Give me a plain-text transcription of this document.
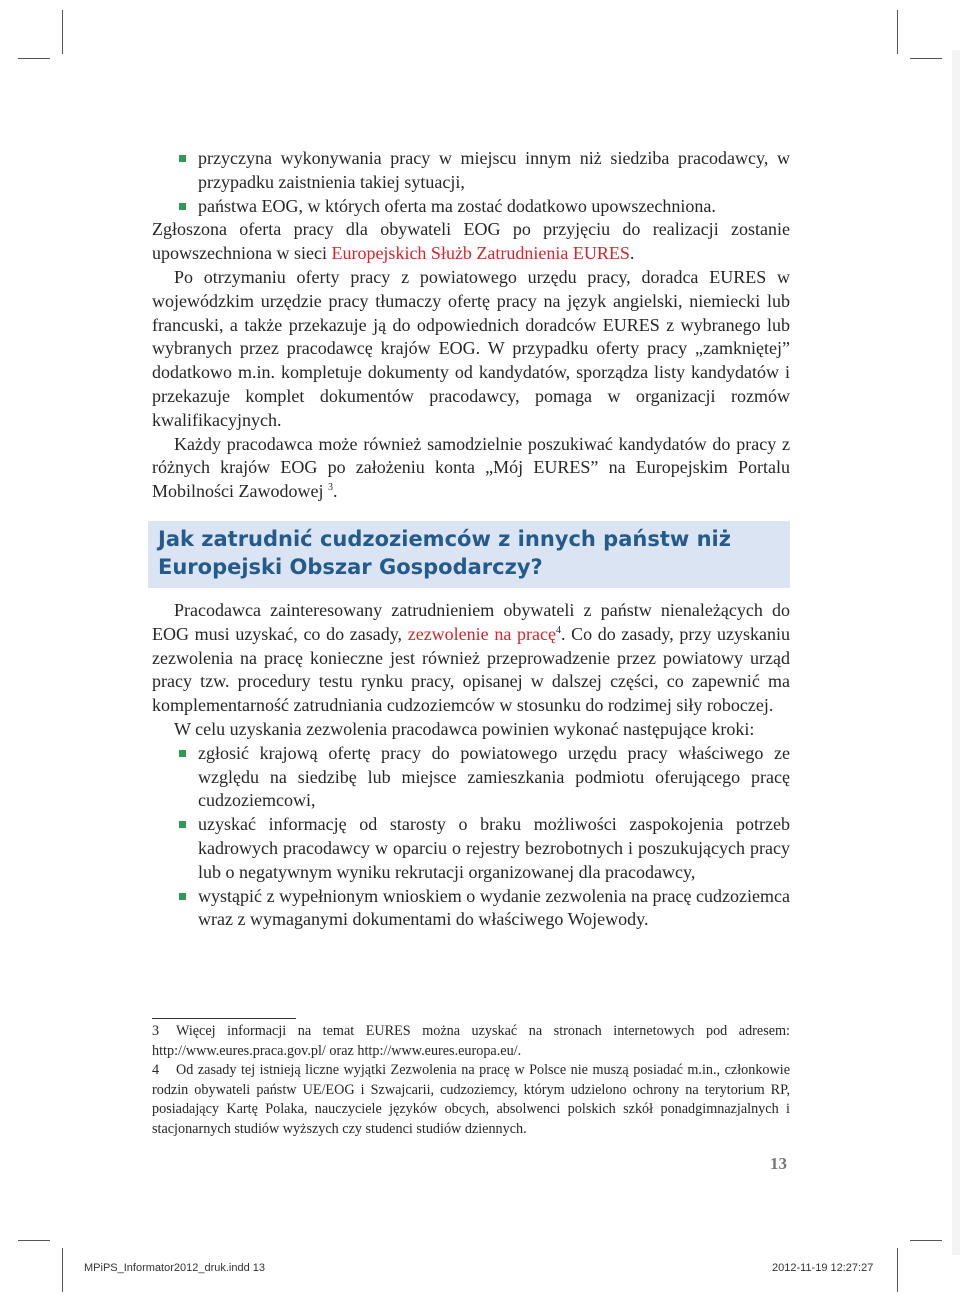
przyczyna wykonywania pracy w miejscu innym niż siedziba pracodawcy, w przypadku zaistnienia takiej sytuacji,
państwa EOG, w których oferta ma zostać dodatkowo upowszechniona.

Zgłoszona oferta pracy dla obywateli EOG po przyjęciu do realizacji zostanie upowszechniona w sieci Europejskich Służb Zatrudnienia EURES.

Po otrzymaniu oferty pracy z powiatowego urzędu pracy, doradca EURES w wojewódzkim urzędzie pracy tłumaczy ofertę pracy na język angielski, niemiecki lub francuski, a także przekazuje ją do odpowiednich doradców EURES z wybranego lub wybranych przez pracodawcę krajów EOG. W przypadku oferty pracy „zamkniętej” dodatkowo m.in. kompletuje dokumenty od kandydatów, sporządza listy kandydatów i przekazuje komplet dokumentów pracodawcy, pomaga w organizacji rozmów kwalifikacyjnych.

Każdy pracodawca może również samodzielnie poszukiwać kandydatów do pracy z różnych krajów EOG po założeniu konta „Mój EURES” na Europejskim Portalu Mobilności Zawodowej $^3$.

Jak zatrudnić cudzoziemców z innych państw niż Europejski Obszar Gospodarczy?

Pracodawca zainteresowany zatrudnieniem obywateli z państw nienależących do EOG musi uzyskać, co do zasady, zezwolenie na pracę$^4$. Co do zasady, przy uzyskaniu zezwolenia na pracę konieczne jest również przeprowadzenie przez powiatowy urząd pracy tzw. procedury testu rynku pracy, opisanej w dalszej części, co zapewnić ma komplementarność zatrudniania cudzoziemców w stosunku do rodzimej siły roboczej.

W celu uzyskania zezwolenia pracodawca powinien wykonać następujące kroki:

zgłosić krajową ofertę pracy do powiatowego urzędu pracy właściwego ze względu na siedzibę lub miejsce zamieszkania podmiotu oferującego pracę cudzoziemcowi,
uzyskać informację od starosty o braku możliwości zaspokojenia potrzeb kadrowych pracodawcy w oparciu o rejestry bezrobotnych i poszukujących pracy lub o negatywnym wyniku rekrutacji organizowanej dla pracodawcy,
wystąpić z wypełnionym wnioskiem o wydanie zezwolenia na pracę cudzoziemca wraz z wymaganymi dokumentami do właściwego Wojewody.

3 Więcej informacji na temat EURES można uzyskać na stronach internetowych pod adresem: http://www.eures.praca.gov.pl/ oraz http://www.eures.europa.eu/.

4 Od zasady tej istnieją liczne wyjątki Zezwolenia na pracę w Polsce nie muszą posiadać m.in., członkowie rodzin obywateli państw UE/EOG i Szwajcarii, cudzoziemcy, którym udzielono ochrony na terytorium RP, posiadający Kartę Polaka, nauczyciele języków obcych, absolwenci polskich szkół ponadgimnazjalnych i stacjonarnych studiów wyższych czy studenci studiów dziennych.

13
MPiPS_Informator2012_druk.indd 13	2012-11-19 12:27:27
